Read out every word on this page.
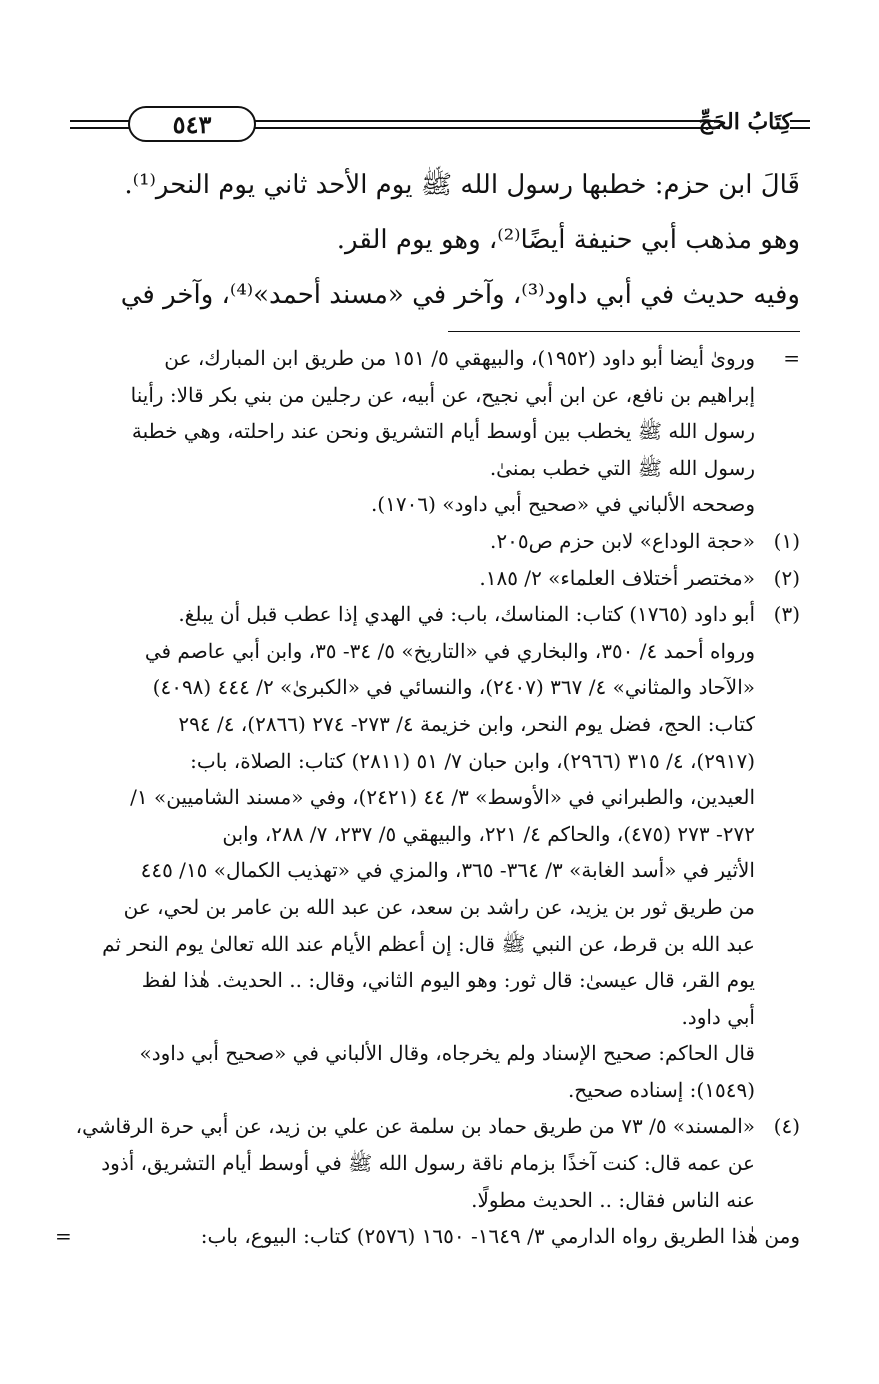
٥٤٣	كِتَابُ الحَجِّ
قَالَ ابن حزم: خطبها رسول الله ﷺ يوم الأحد ثاني يوم النحر⁽¹⁾.
وهو مذهب أبي حنيفة أيضًا⁽²⁾، وهو يوم القر.
وفيه حديث في أبي داود⁽³⁾، وآخر في «مسند أحمد»⁽⁴⁾، وآخر في
=
وروىٰ أيضا أبو داود (١٩٥٢)، والبيهقي ٥/ ١٥١ من طريق ابن المبارك، عن
إبراهيم بن نافع، عن ابن أبي نجيح، عن أبيه، عن رجلين من بني بكر قالا: رأينا
رسول الله ﷺ يخطب بين أوسط أيام التشريق ونحن عند راحلته، وهي خطبة
رسول الله ﷺ التي خطب بمنىٰ.
وصححه الألباني في «صحيح أبي داود» (١٧٠٦).
(١)
«حجة الوداع» لابن حزم ص٢٠٥.
(٢)
«مختصر أختلاف العلماء» ٢/ ١٨٥.
(٣)
أبو داود (١٧٦٥) كتاب: المناسك، باب: في الهدي إذا عطب قبل أن يبلغ.
ورواه أحمد ٤/ ٣٥٠، والبخاري في «التاريخ» ٥/ ٣٤- ٣٥، وابن أبي عاصم في
«الآحاد والمثاني» ٤/ ٣٦٧ (٢٤٠٧)، والنسائي في «الكبرىٰ» ٢/ ٤٤٤ (٤٠٩٨)
كتاب: الحج، فضل يوم النحر، وابن خزيمة ٤/ ٢٧٣- ٢٧٤ (٢٨٦٦)، ٤/ ٢٩٤
(٢٩١٧)، ٤/ ٣١٥ (٢٩٦٦)، وابن حبان ٧/ ٥١ (٢٨١١) كتاب: الصلاة، باب:
العيدين، والطبراني في «الأوسط» ٣/ ٤٤ (٢٤٢١)، وفي «مسند الشاميين» ١/
٢٧٢- ٢٧٣ (٤٧٥)، والحاكم ٤/ ٢٢١، والبيهقي ٥/ ٢٣٧، ٧/ ٢٨٨، وابن
الأثير في «أسد الغابة» ٣/ ٣٦٤- ٣٦٥، والمزي في «تهذيب الكمال» ١٥/ ٤٤٥
من طريق ثور بن يزيد، عن راشد بن سعد، عن عبد الله بن عامر بن لحي، عن
عبد الله بن قرط، عن النبي ﷺ قال: إن أعظم الأيام عند الله تعالىٰ يوم النحر ثم
يوم القر، قال عيسىٰ: قال ثور: وهو اليوم الثاني، وقال: .. الحديث. هٰذا لفظ
أبي داود.
قال الحاكم: صحيح الإسناد ولم يخرجاه، وقال الألباني في «صحيح أبي داود»
(١٥٤٩): إسناده صحيح.
(٤)
«المسند» ٥/ ٧٣ من طريق حماد بن سلمة عن علي بن زيد، عن أبي حرة الرقاشي،
عن عمه قال: كنت آخذًا بزمام ناقة رسول الله ﷺ في أوسط أيام التشريق، أذود
عنه الناس فقال: .. الحديث مطولًا.
ومن هٰذا الطريق رواه الدارمي ٣/ ١٦٤٩- ١٦٥٠ (٢٥٧٦) كتاب: البيوع، باب:
=
